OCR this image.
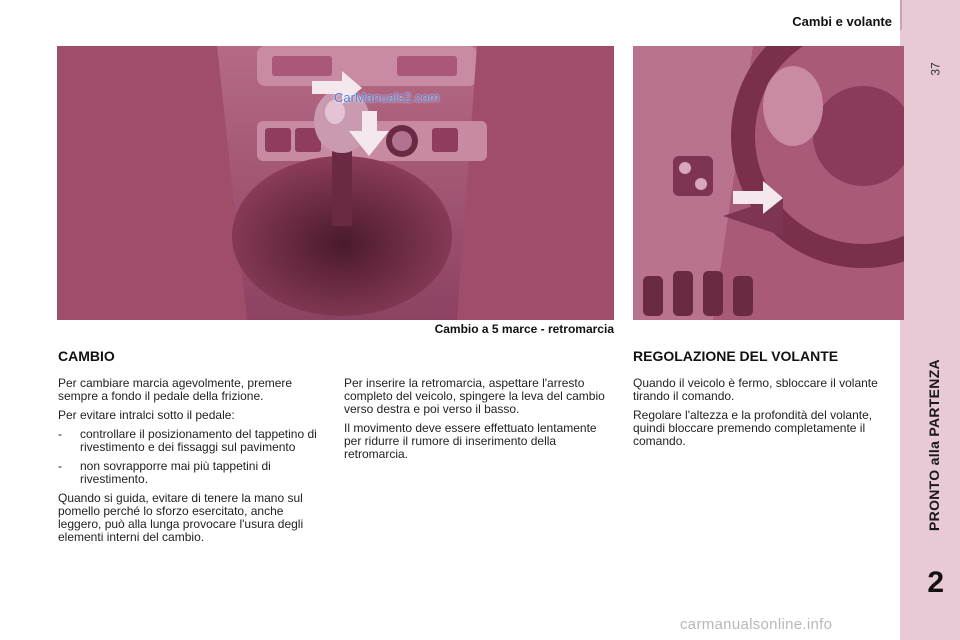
Cambi e volante
37
PRONTO alla PARTENZA
2
CarManuals2.com
Cambio a 5 marce - retromarcia
CAMBIO

Per cambiare marcia agevolmente, premere sempre a fondo il pedale della frizione.

Per evitare intralci sotto il pedale:

-	controllare il posizionamento del tappetino di rivestimento e dei fissaggi sul pavimento
-	non sovrapporre mai più tappetini di rivestimento.

Quando si guida, evitare di tenere la mano sul pomello perché lo sforzo esercitato, anche leggero, può alla lunga provocare l'usura degli elementi interni del cambio.

Per inserire la retromarcia, aspettare l'arresto completo del veicolo, spingere la leva del cambio verso destra e poi verso il basso.

Il movimento deve essere effettuato lentamente per ridurre il rumore di inserimento della retromarcia.

REGOLAZIONE DEL VOLANTE

Quando il veicolo è fermo, sbloccare il volante tirando il comando.

Regolare l'altezza e la profondità del volante, quindi bloccare premendo completamente il comando.

carmanualsonline.info
